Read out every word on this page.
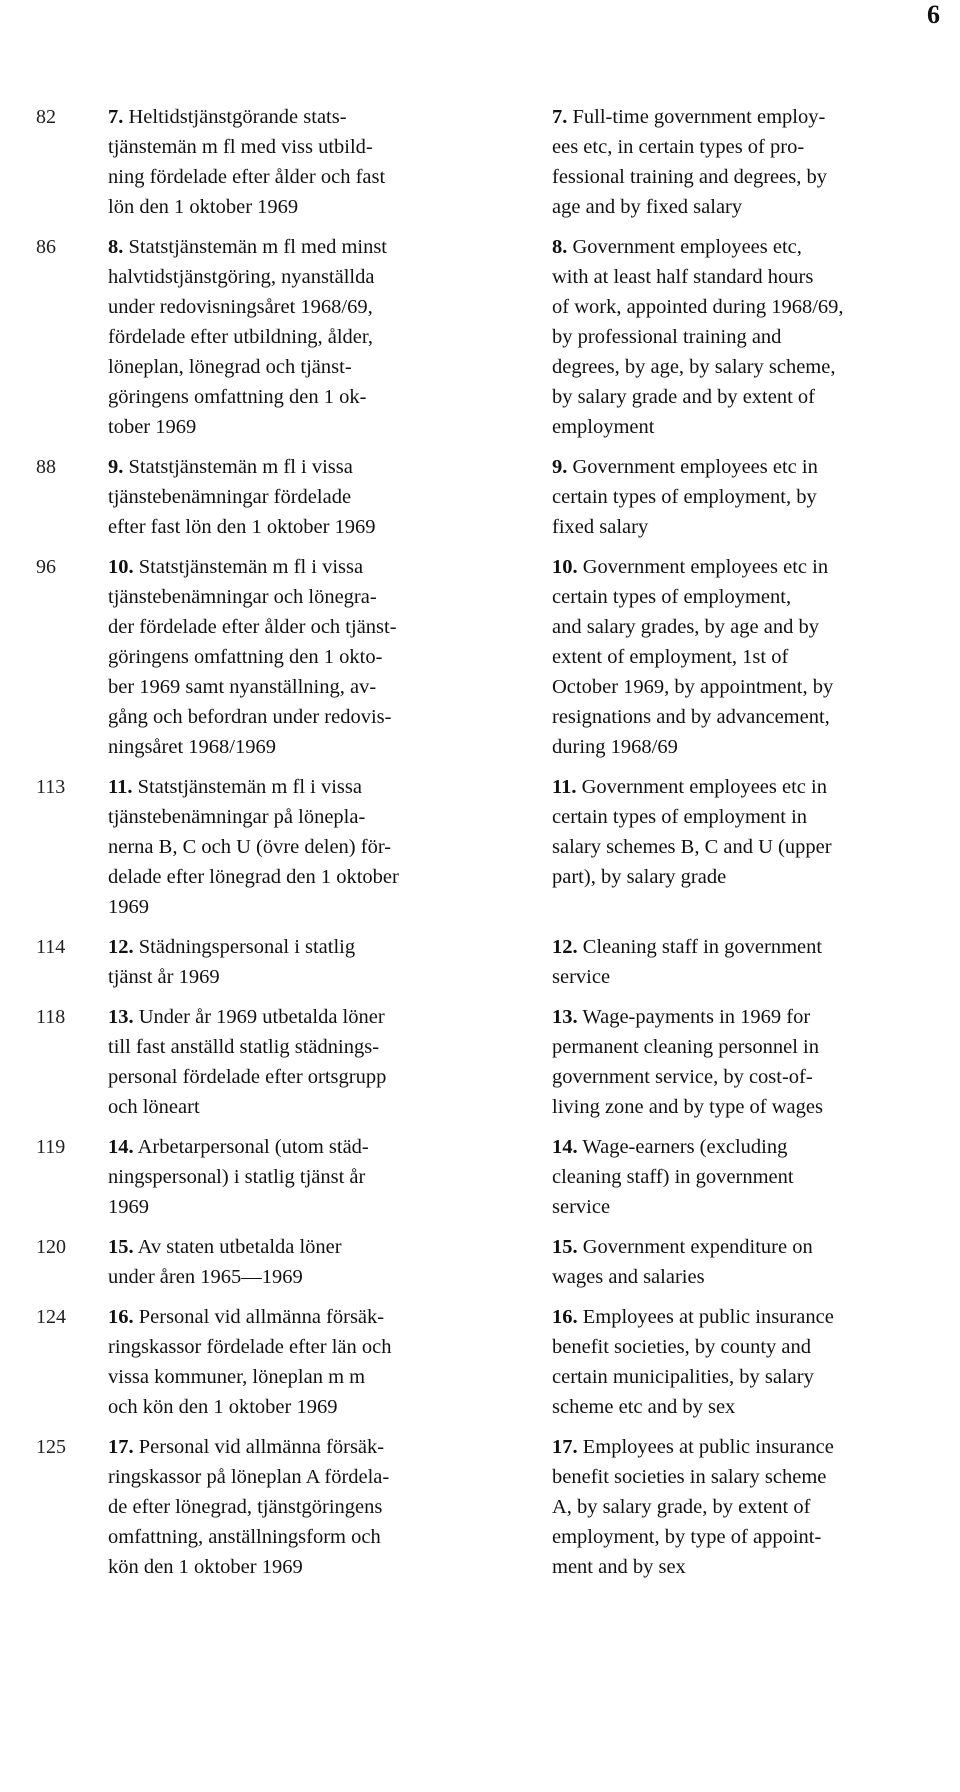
6
82	7. Heltidstjänstgörande stats-
tjänstemän m fl med viss utbild-
ning fördelade efter ålder och fast
lön den 1 oktober 1969
7. Full-time government employ-
ees etc, in certain types of pro-
fessional training and degrees, by
age and by fixed salary
86	8. Statstjänstemän m fl med minst
halvtidstjänstgöring, nyanställda
under redovisningsåret 1968/69,
fördelade efter utbildning, ålder,
löneplan, lönegrad och tjänst-
göringens omfattning den 1 ok-
tober 1969
8. Government employees etc,
with at least half standard hours
of work, appointed during 1968/69,
by professional training and
degrees, by age, by salary scheme,
by salary grade and by extent of
employment
88	9. Statstjänstemän m fl i vissa
tjänstebenämningar fördelade
efter fast lön den 1 oktober 1969
9. Government employees etc in
certain types of employment, by
fixed salary
96	10. Statstjänstemän m fl i vissa
tjänstebenämningar och lönegra-
der fördelade efter ålder och tjänst-
göringens omfattning den 1 okto-
ber 1969 samt nyanställning, av-
gång och befordran under redovis-
ningsåret 1968/1969
10. Government employees etc in
certain types of employment,
and salary grades, by age and by
extent of employment, 1st of
October 1969, by appointment, by
resignations and by advancement,
during 1968/69
113 11. Statstjänstemän m fl i vissa
tjänstebenämningar på lönepla-
nerna B, C och U (övre delen) för-
delade efter lönegrad den 1 oktober
1969
11. Government employees etc in
certain types of employment in
salary schemes B, C and U (upper
part), by salary grade
114 12. Städningspersonal i statlig
tjänst år 1969
12. Cleaning staff in government
service
118 13. Under år 1969 utbetalda löner
till fast anställd statlig städnings-
personal fördelade efter ortsgrupp
och löneart
13. Wage-payments in 1969 for
permanent cleaning personnel in
government service, by cost-of-
living zone and by type of wages
119 14. Arbetarpersonal (utom städ-
ningspersonal) i statlig tjänst år
1969
14. Wage-earners (excluding
cleaning staff) in government
service
120 15. Av staten utbetalda löner
under åren 1965—1969
15. Government expenditure on
wages and salaries
124 16. Personal vid allmänna försäk-
ringskassor fördelade efter län och
vissa kommuner, löneplan m m
och kön den 1 oktober 1969
16. Employees at public insurance
benefit societies, by county and
certain municipalities, by salary
scheme etc and by sex
125 17. Personal vid allmänna försäk-
ringskassor på löneplan A fördela-
de efter lönegrad, tjänstgöringens
omfattning, anställningsform och
kön den 1 oktober 1969
17. Employees at public insurance
benefit societies in salary scheme
A, by salary grade, by extent of
employment, by type of appoint-
ment and by sex
